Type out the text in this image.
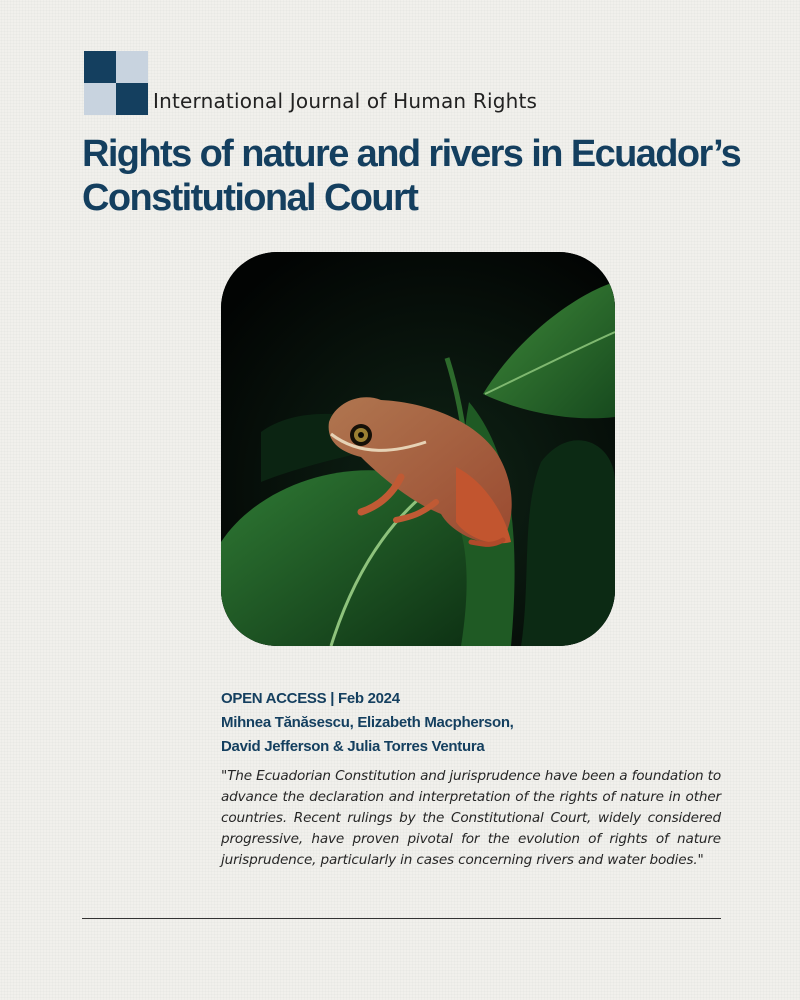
International Journal of Human Rights
Rights of nature and rivers in Ecuador’s Constitutional Court
OPEN ACCESS | Feb 2024
Mihnea Tănăsescu, Elizabeth Macpherson,
David Jefferson & Julia Torres Ventura

"The Ecuadorian Constitution and jurisprudence have been a foundation to advance the declaration and interpretation of the rights of nature in other countries. Recent rulings by the Constitutional Court, widely considered progressive, have proven pivotal for the evolution of rights of nature jurisprudence, particularly in cases concerning rivers and water bodies."
